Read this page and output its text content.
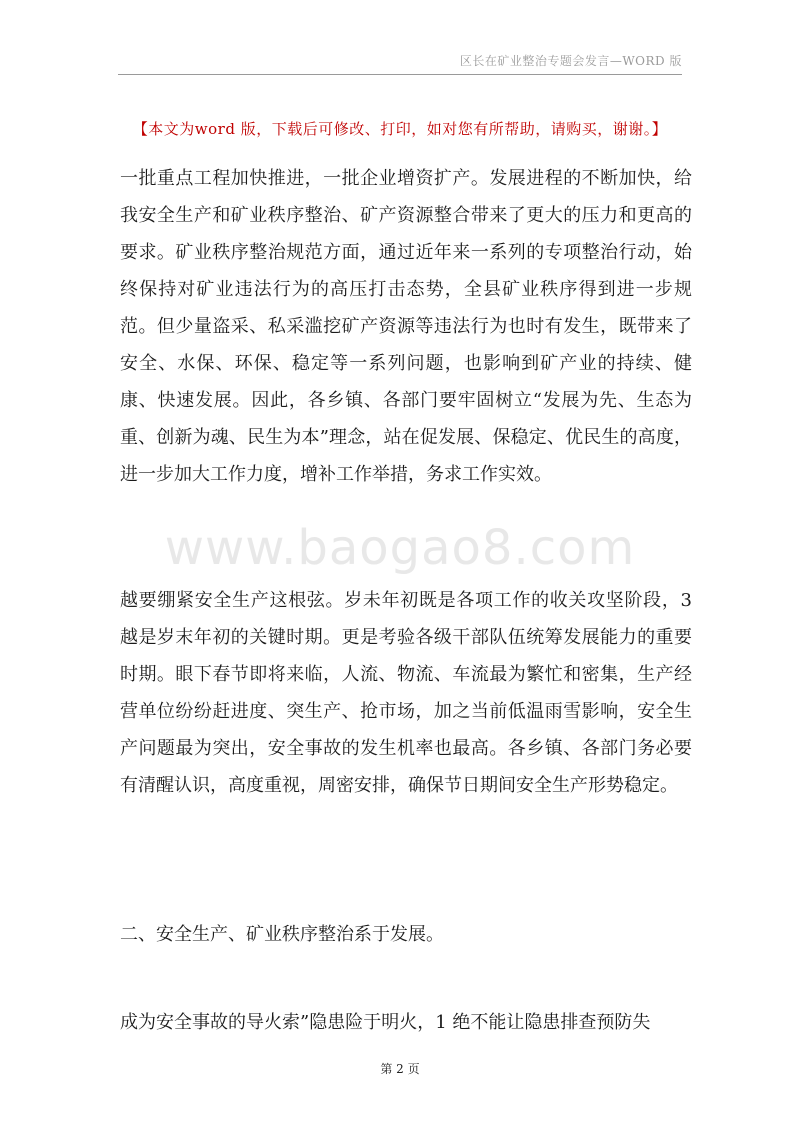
区长在矿业整治专题会发言—WORD 版
【本文为word 版，下载后可修改、打印，如对您有所帮助，请购买，谢谢。】
www.baogao8.com

一批重点工程加快推进，一批企业增资扩产。发展进程的不断加快，给我安全生产和矿业秩序整治、矿产资源整合带来了更大的压力和更高的要求。矿业秩序整治规范方面，通过近年来一系列的专项整治行动，始终保持对矿业违法行为的高压打击态势，全县矿业秩序得到进一步规范。但少量盗采、私采滥挖矿产资源等违法行为也时有发生，既带来了安全、水保、环保、稳定等一系列问题，也影响到矿产业的持续、健康、快速发展。因此，各乡镇、各部门要牢固树立“发展为先、生态为重、创新为魂、民生为本”理念，站在促发展、保稳定、优民生的高度，进一步加大工作力度，增补工作举措，务求工作实效。

越要绷紧安全生产这根弦。岁未年初既是各项工作的收关攻坚阶段，3 越是岁末年初的关键时期。更是考验各级干部队伍统筹发展能力的重要时期。眼下春节即将来临，人流、物流、车流最为繁忙和密集，生产经营单位纷纷赶进度、突生产、抢市场，加之当前低温雨雪影响，安全生产问题最为突出，安全事故的发生机率也最高。各乡镇、各部门务必要有清醒认识，高度重视，周密安排，确保节日期间安全生产形势稳定。

二、安全生产、矿业秩序整治系于发展。

成为安全事故的导火索”隐患险于明火，1 绝不能让隐患排查预防失

第 2 页
